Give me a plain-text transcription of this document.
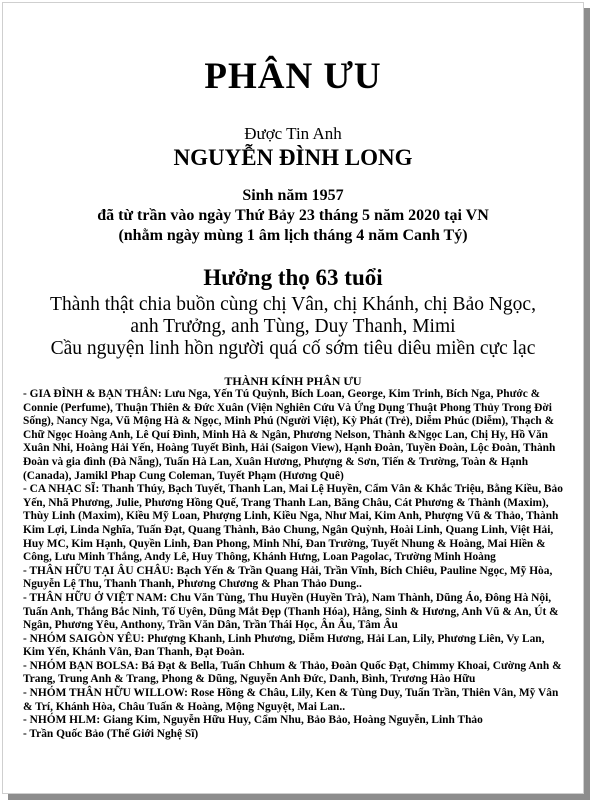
PHÂN ƯU
Được Tin Anh
NGUYỄN ĐÌNH LONG
Sinh năm 1957
đã từ trần vào ngày Thứ Bảy 23 tháng 5 năm 2020 tại VN
(nhằm ngày mùng 1 âm lịch tháng 4 năm Canh Tý)
Hưởng thọ 63 tuổi
Thành thật chia buồn cùng chị Vân, chị Khánh, chị Bảo Ngọc,
anh Trưởng, anh Tùng, Duy Thanh, Mimi
Cầu nguyện linh hồn người quá cố sớm tiêu diêu miền cực lạc
THÀNH KÍNH PHÂN ƯU

- GIA ĐÌNH & BẠN THÂN: Lưu Nga, Yến Tú Quỳnh, Bích Loan, George, Kim Trinh, Bích Nga, Phước & Connie (Perfume), Thuận Thiên & Đức Xuân (Viện Nghiên Cứu Và Ứng Dụng Thuật Phong Thủy Trong Đời Sống), Nancy Nga, Vũ Mộng Hà & Ngọc, Minh Phú (Người Việt), Kỳ Phát (Trẻ), Diễm Phúc (Diễm), Thạch & Chữ Ngọc Hoàng Anh, Lê Quí Đình, Minh Hà & Ngân, Phương Nelson, Thành &Ngọc Lan, Chị Hy, Hồ Văn Xuân Nhi, Hoàng Hải Yến, Hoàng Tuyết Bình, Hải (Saigon View), Hạnh Đoàn, Tuyền Đoàn, Lộc Đoàn, Thành Đoàn và gia đình (Đà Nẵng), Tuấn Hà Lan, Xuân Hương, Phượng & Sơn, Tiến & Trường, Toàn & Hạnh (Canada), Jamikl Phap Cung Coleman, Tuyết Phạm (Hương Quê)

- CA NHẠC SĨ: Thanh Thúy, Bạch Tuyết, Thanh Lan, Mai Lệ Huyền, Cẩm Vân & Khắc Triệu, Bằng Kiều, Bảo Yến, Nhã Phương, Julie, Phương Hồng Quế, Trang Thanh Lan, Băng Châu, Cát Phương & Thành (Maxim), Thùy Linh (Maxim), Kiều Mỹ Loan, Phượng Linh, Kiều Nga, Như Mai, Kim Anh, Phượng Vũ & Thảo, Thành Kim Lợi, Linda Nghĩa, Tuấn Đạt, Quang Thành, Bảo Chung, Ngân Quỳnh, Hoài Linh, Quang Linh, Việt Hải, Huy MC, Kim Hạnh, Quyền Linh, Đan Phong, Minh Nhí, Đan Trường, Tuyết Nhung & Hoàng, Mai Hiền & Công, Lưu Minh Thắng, Andy Lê, Huy Thông, Khánh Hưng, Loan Pagolac, Trường Minh Hoàng

- THÂN HỮU TẠI ÂU CHÂU: Bạch Yến & Trần Quang Hải, Trần Vĩnh, Bích Chiêu, Pauline Ngọc, Mỹ Hòa, Nguyễn Lệ Thu, Thanh Thanh, Phương Chương & Phan Thảo Dung..

- THÂN HỮU Ở VIỆT NAM: Chu Văn Tùng, Thu Huyền (Huyền Trà), Nam Thành, Dũng Áo, Đông Hà Nội, Tuấn Anh, Thắng Bắc Ninh, Tố Uyên, Dũng Mắt Đẹp (Thanh Hóa), Hằng, Sinh & Hương, Anh Vũ & An, Út & Ngân, Phương Yêu, Anthony, Trần Văn Dân, Trần Thái Học, Ân Âu, Tâm Âu

- NHÓM SAIGÒN YÊU: Phượng Khanh, Linh Phương, Diễm Hương, Hải Lan, Lily, Phương Liên, Vy Lan, Kim Yến, Khánh Vân, Đan Thanh, Đạt Đoàn.

- NHÓM BẠN BOLSA: Bá Đạt & Bella, Tuấn Chhum & Thảo, Đoàn Quốc Đạt, Chimmy Khoai, Cường Anh & Trang, Trung Anh & Trang, Phong & Dũng, Nguyễn Anh Đức, Danh, Bình, Trương Hào Hữu

- NHÓM THÂN HỮU WILLOW: Rose Hồng & Châu, Lily, Ken & Tùng Duy, Tuấn Trần, Thiên Vân, Mỹ Vân & Trí, Khánh Hòa, Châu Tuấn & Hoàng, Mộng Nguyệt, Mai Lan..

- NHÓM HLM: Giang Kim, Nguyễn Hữu Huy, Cẩm Nhu, Bảo Bảo, Hoàng Nguyễn, Linh Thảo

- Trần Quốc Bảo (Thế Giới Nghệ Sĩ)
